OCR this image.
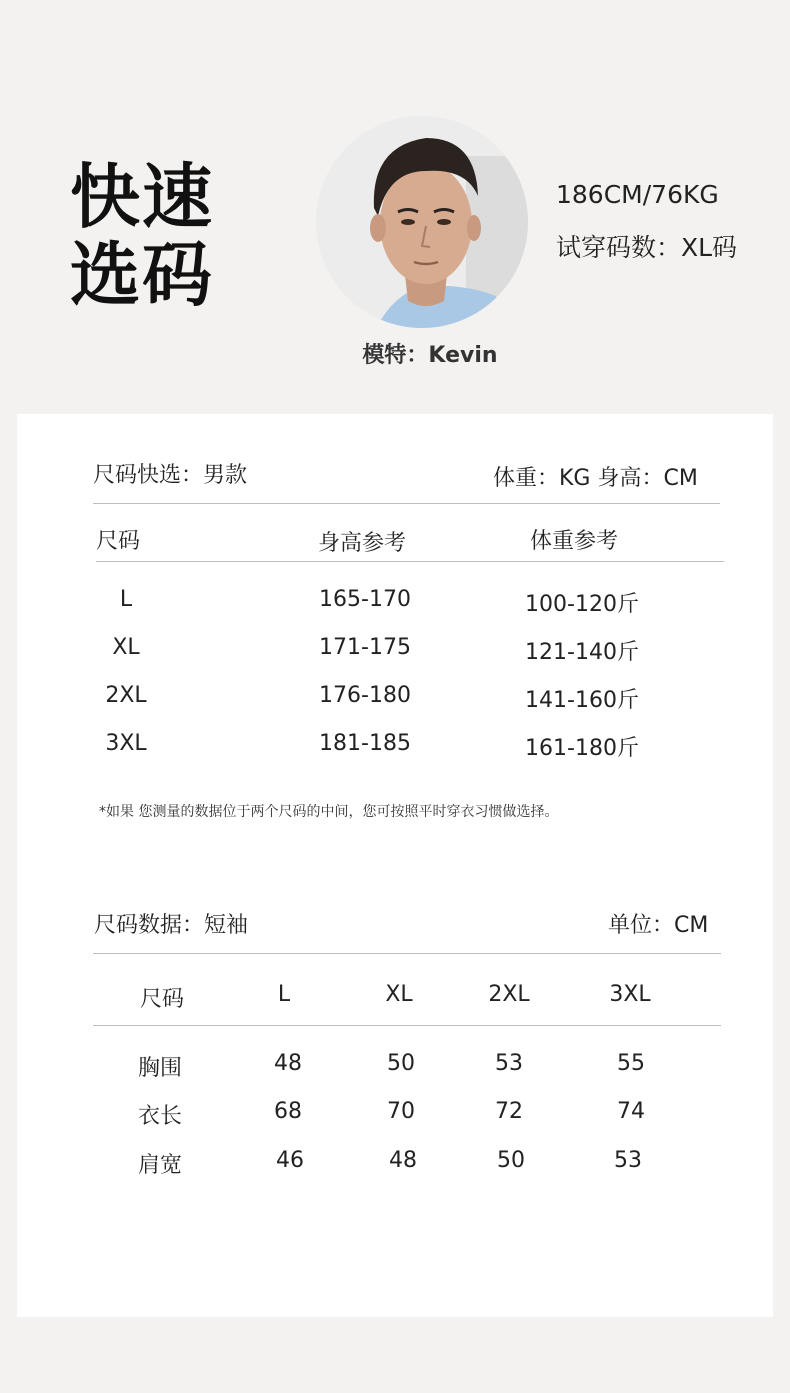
快速
选码
模特：Kevin
186CM/76KG
试穿码数：XL码
尺码快选：男款	体重：KG 身高：CM
尺码	身高参考	体重参考
L	165-170	100-120斤
XL	171-175	121-140斤
2XL	176-180	141-160斤
3XL	181-185	161-180斤
*如果 您测量的数据位于两个尺码的中间，您可按照平时穿衣习惯做选择。
尺码数据：短袖	单位：CM
尺码	L	XL	2XL	3XL
胸围	48	50	53	55
衣长	68	70	72	74
肩宽	46	48	50	53
